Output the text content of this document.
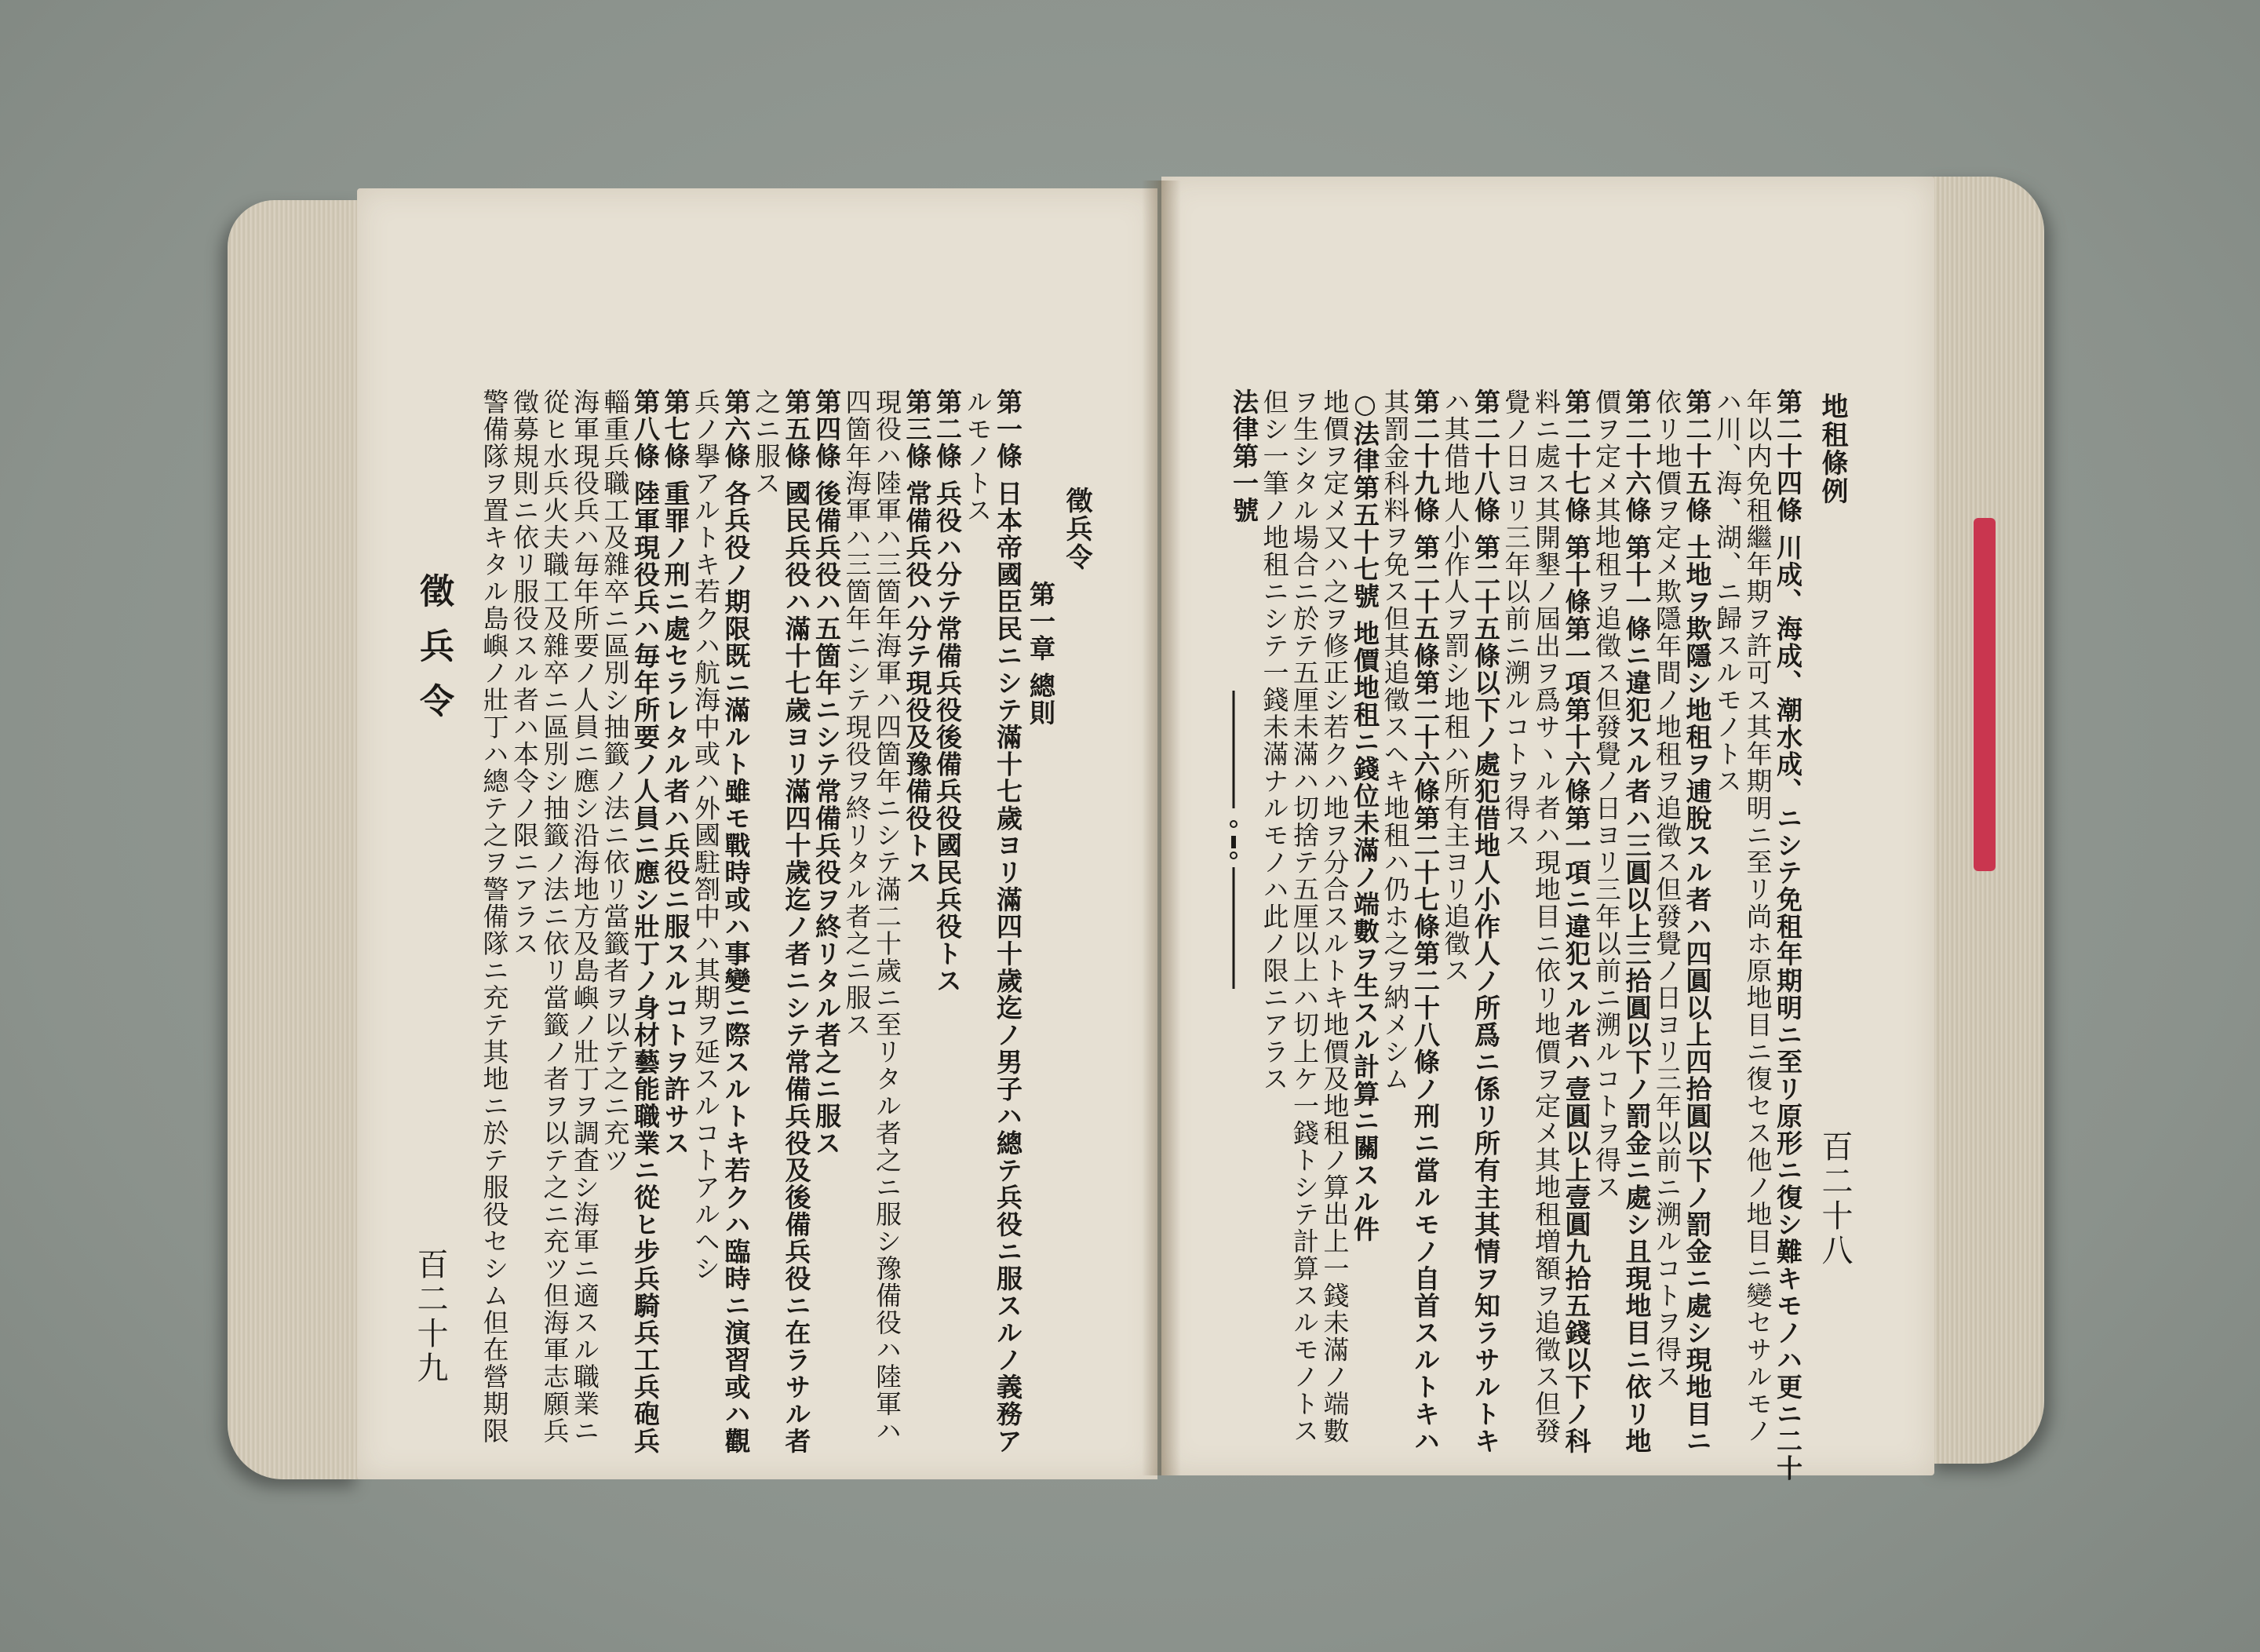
徵兵令
第一章 總則
第一條 日本帝國臣民ニシテ滿十七歲ヨリ滿四十歲迄ノ男子ハ總テ兵役ニ服スルノ義務ア
ルモノトス
第二條 兵役ハ分テ常備兵役後備兵役國民兵役トス
第三條 常備兵役ハ分テ現役及豫備役トス
現役ハ陸軍ハ三箇年海軍ハ四箇年ニシテ滿二十歲ニ至リタル者之ニ服シ豫備役ハ陸軍ハ
四箇年海軍ハ三箇年ニシテ現役ヲ終リタル者之ニ服ス
第四條 後備兵役ハ五箇年ニシテ常備兵役ヲ終リタル者之ニ服ス
第五條 國民兵役ハ滿十七歲ヨリ滿四十歲迄ノ者ニシテ常備兵役及後備兵役ニ在ラサル者
之ニ服ス
第六條 各兵役ノ期限既ニ滿ルト雖モ戰時或ハ事變ニ際スルトキ若クハ臨時ニ演習或ハ觀
兵ノ擧アルトキ若クハ航海中或ハ外國駐劄中ハ其期ヲ延スルコトアルヘシ
第七條 重罪ノ刑ニ處セラレタル者ハ兵役ニ服スルコトヲ許サス
第八條 陸軍現役兵ハ毎年所要ノ人員ニ應シ壯丁ノ身材藝能職業ニ從ヒ步兵騎兵工兵砲兵
輜重兵職工及雜卒ニ區別シ抽籤ノ法ニ依リ當籤者ヲ以テ之ニ充ツ
海軍現役兵ハ毎年所要ノ人員ニ應シ沿海地方及島嶼ノ壯丁ヲ調査シ海軍ニ適スル職業ニ
從ヒ水兵火夫職工及雜卒ニ區別シ抽籤ノ法ニ依リ當籤ノ者ヲ以テ之ニ充ツ但海軍志願兵
徵募規則ニ依リ服役スル者ハ本令ノ限ニアラス
警備隊ヲ置キタル島嶼ノ壯丁ハ總テ之ヲ警備隊ニ充テ其地ニ於テ服役セシム但在營期限
徵兵令
百二十九
地租條例
百二十八
第二十四條 川成、海成、潮水成、ニシテ免租年期明ニ至リ原形ニ復シ難キモノハ更ニ二十
年以内免租繼年期ヲ許可ス其年期明ニ至リ尚ホ原地目ニ復セス他ノ地目ニ變セサルモノ
ハ川、海、湖、ニ歸スルモノトス
第二十五條 土地ヲ欺隱シ地租ヲ逋脫スル者ハ四圓以上四拾圓以下ノ罰金ニ處シ現地目ニ
依リ地價ヲ定メ欺隱年間ノ地租ヲ追徵ス但發覺ノ日ヨリ三年以前ニ溯ルコトヲ得ス
第二十六條 第十一條ニ違犯スル者ハ三圓以上三拾圓以下ノ罰金ニ處シ且現地目ニ依リ地
價ヲ定メ其地租ヲ追徵ス但發覺ノ日ヨリ三年以前ニ溯ルコトヲ得ス
第二十七條 第十條第一項第十六條第一項ニ違犯スル者ハ壹圓以上壹圓九拾五錢以下ノ科
料ニ處ス其開墾ノ屆出ヲ爲サヽル者ハ現地目ニ依リ地價ヲ定メ其地租増額ヲ追徵ス但發
覺ノ日ヨリ三年以前ニ溯ルコトヲ得ス
第二十八條 第二十五條以下ノ處犯借地人小作人ノ所爲ニ係リ所有主其情ヲ知ラサルトキ
ハ其借地人小作人ヲ罰シ地租ハ所有主ヨリ追徵ス
第二十九條 第二十五條第二十六條第二十七條第二十八條ノ刑ニ當ルモノ自首スルトキハ
其罰金科料ヲ免ス但其追徵スヘキ地租ハ仍ホ之ヲ納メシム
○法律第五十七號 地價地租ニ錢位未滿ノ端數ヲ生スル計算ニ關スル件
地價ヲ定メ又ハ之ヲ修正シ若クハ地ヲ分合スルトキ地價及地租ノ算出上一錢未滿ノ端數
ヲ生シタル場合ニ於テ五厘未滿ハ切捨テ五厘以上ハ切上ケ一錢トシテ計算スルモノトス
但シ一筆ノ地租ニシテ一錢未滿ナルモノハ此ノ限ニアラス
法律第一號
